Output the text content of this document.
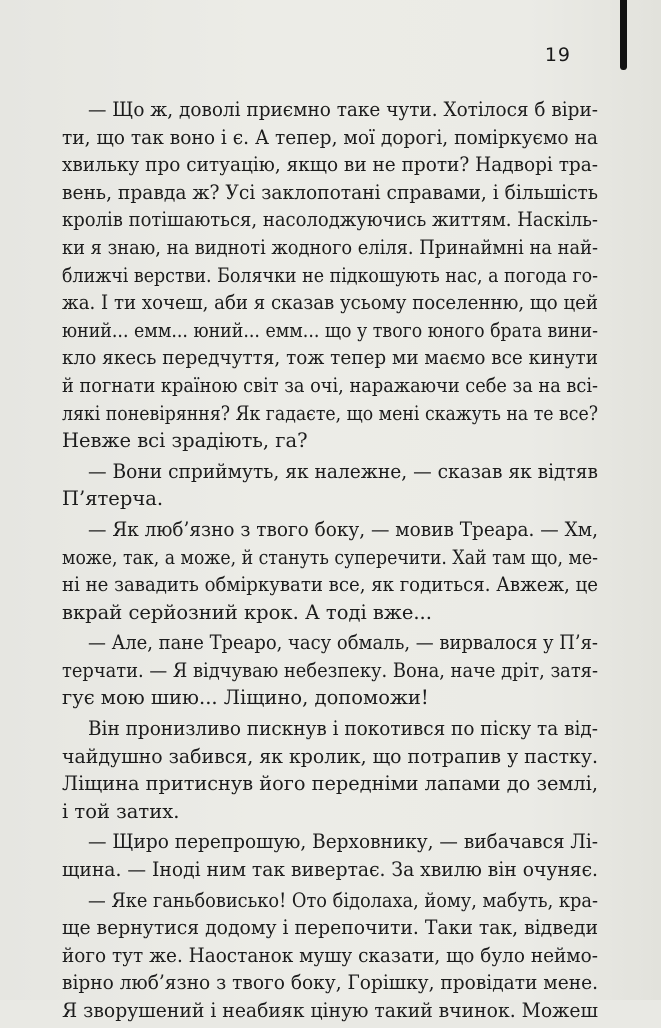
19
— Що ж, доволі приємно таке чути. Хотілося б віри-
ти, що так воно і є. А тепер, мої дорогі, поміркуємо на
хвильку про ситуацію, якщо ви не проти? Надворі тра-
вень, правда ж? Усі заклопотані справами, і більшість
кролів потішаються, насолоджуючись життям. Наскіль-
ки я знаю, на видноті жодного еліля. Принаймні на най-
ближчі верстви. Болячки не підкошують нас, а погода го-
жа. І ти хочеш, аби я сказав усьому поселенню, що цей
юний... емм... юний... емм... що у твого юного брата вини-
кло якесь передчуття, тож тепер ми маємо все кинути
й погнати країною світ за очі, наражаючи себе за на всі-
лякі поневіряння? Як гадаєте, що мені скажуть на те все?
Невже всі зрадіють, га?
— Вони сприймуть, як належне, — сказав як відтяв
П’ятерча.
— Як люб’язно з твого боку, — мовив Треара. — Хм,
може, так, а може, й стануть суперечити. Хай там що, ме-
ні не завадить обміркувати все, як годиться. Авжеж, це
вкрай серйозний крок. А тоді вже...
— Але, пане Треаро, часу обмаль, — вирвалося у П’я-
терчати. — Я відчуваю небезпеку. Вона, наче дріт, затя-
гує мою шию... Ліщино, допоможи!
Він пронизливо пискнув і покотився по піску та від-
чайдушно забився, як кролик, що потрапив у пастку.
Ліщина притиснув його передніми лапами до землі,
і той затих.
— Щиро перепрошую, Верховнику, — вибачався Лі-
щина. — Іноді ним так вивертає. За хвилю він очуняє.
— Яке ганьбовисько! Ото бідолаха, йому, мабуть, кра-
ще вернутися додому і перепочити. Таки так, відведи
його тут же. Наостанок мушу сказати, що було неймо-
вірно люб’язно з твого боку, Горішку, провідати мене.
Я зворушений і неабияк ціную такий вчинок. Можеш
